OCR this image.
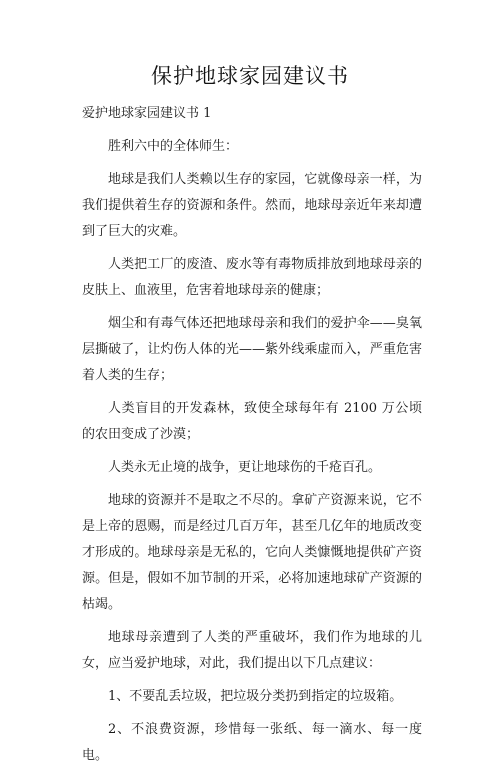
保护地球家园建议书

爱护地球家园建议书 1

胜利六中的全体师生：

地球是我们人类赖以生存的家园，它就像母亲一样，为我们提供着生存的资源和条件。然而，地球母亲近年来却遭到了巨大的灾难。

人类把工厂的废渣、废水等有毒物质排放到地球母亲的皮肤上、血液里，危害着地球母亲的健康；

烟尘和有毒气体还把地球母亲和我们的爱护伞——臭氧层撕破了，让灼伤人体的光——紫外线乘虚而入，严重危害着人类的生存；

人类盲目的开发森林，致使全球每年有 2100 万公顷的农田变成了沙漠；

人类永无止境的战争，更让地球伤的千疮百孔。

地球的资源并不是取之不尽的。拿矿产资源来说，它不是上帝的恩赐，而是经过几百万年，甚至几亿年的地质改变才形成的。地球母亲是无私的，它向人类慷慨地提供矿产资源。但是，假如不加节制的开采，必将加速地球矿产资源的枯竭。

地球母亲遭到了人类的严重破坏，我们作为地球的儿女，应当爱护地球，对此，我们提出以下几点建议：

1、不要乱丢垃圾，把垃圾分类扔到指定的垃圾箱。

2、不浪费资源，珍惜每一张纸、每一滴水、每一度电。
